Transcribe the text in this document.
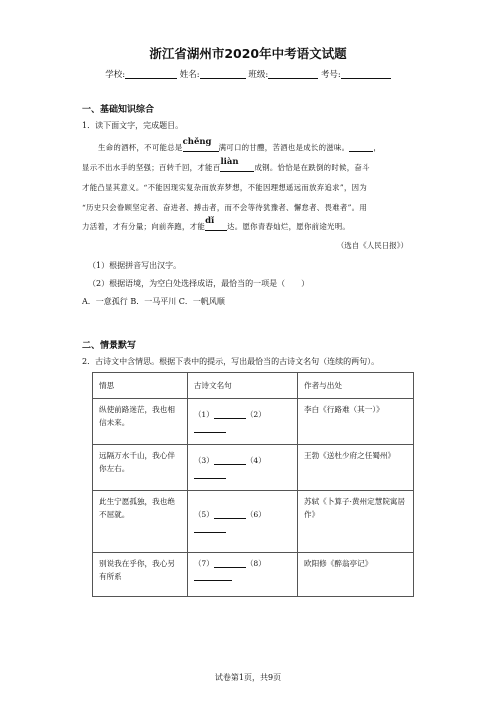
浙江省湖州市2020年中考语文试题
学校:	姓名:	班级:	考号:
一、基础知识综合
1．读下面文字，完成题目。
生命的酒杯，不可能总是
chěng
满可口的甘醴，苦酒也是成长的滋味。	，
显示不出水手的坚强；百转千回，才能百
liàn
成钢。恰恰是在跌倒的时候，奋斗
才能凸显其意义。“不能因现实复杂而放弃梦想，不能因理想遥远而放弃追求”，因为
“历史只会眷顾坚定者、奋进者、搏击者，而不会等待犹豫者、懈怠者、畏难者”。用
力活着，才有分量；向前奔跑，才能
dǐ
达。愿你青春灿烂，愿你前途光明。
（选自《人民日报》）
（1）根据拼音写出汉字。
（2）根据语境，为空白处选择成语，最恰当的一项是（　　）
A．一意孤行 B．一马平川 C．一帆风顺
二、情景默写
2．古诗文中含情思。根据下表中的提示，写出最恰当的古诗文名句（连续的两句）。
情思	古诗文名句	作者与出处
纵使前路迷茫，我也相信未来。	（1） （2）	李白《行路难（其一）》
远隔万水千山，我心伴你左右。	（3） （4）	王勃《送杜少府之任蜀州》
此生宁愿孤独，我也绝不屈就。	（5） （6）	苏轼《卜算子·黄州定慧院寓居作》
别说我在乎你，我心另有所系	（7） （8）	欧阳修《醉翁亭记》
试卷第1页，共9页
